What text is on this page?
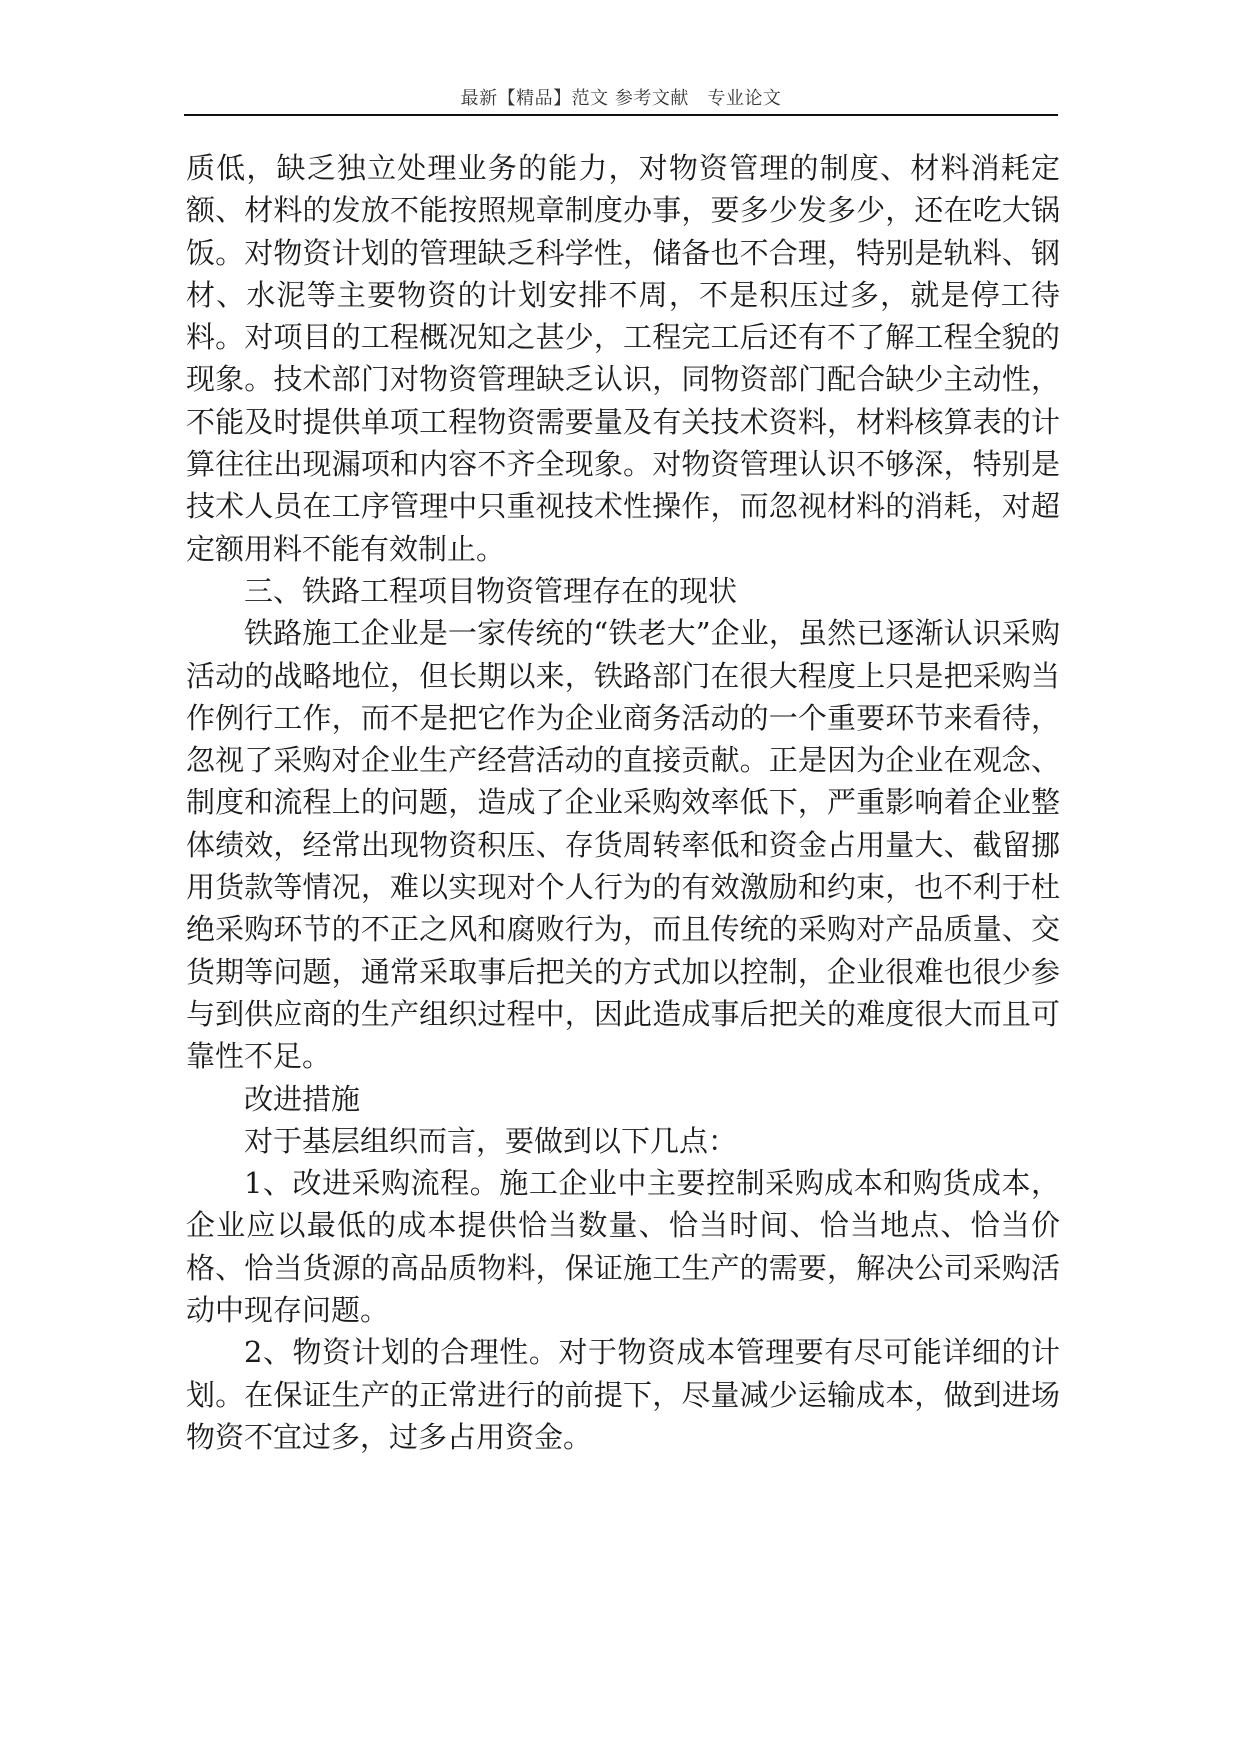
最新【精品】范文 参考文献　专业论文

质低，缺乏独立处理业务的能力，对物资管理的制度、材料消耗定额、材料的发放不能按照规章制度办事，要多少发多少，还在吃大锅饭。对物资计划的管理缺乏科学性，储备也不合理，特别是轨料、钢材、水泥等主要物资的计划安排不周，不是积压过多，就是停工待料。对项目的工程概况知之甚少，工程完工后还有不了解工程全貌的现象。技术部门对物资管理缺乏认识，同物资部门配合缺少主动性，不能及时提供单项工程物资需要量及有关技术资料，材料核算表的计算往往出现漏项和内容不齐全现象。对物资管理认识不够深，特别是技术人员在工序管理中只重视技术性操作，而忽视材料的消耗，对超定额用料不能有效制止。

三、铁路工程项目物资管理存在的现状

铁路施工企业是一家传统的“铁老大”企业，虽然已逐渐认识采购活动的战略地位，但长期以来，铁路部门在很大程度上只是把采购当作例行工作，而不是把它作为企业商务活动的一个重要环节来看待，忽视了采购对企业生产经营活动的直接贡献。正是因为企业在观念、制度和流程上的问题，造成了企业采购效率低下，严重影响着企业整体绩效，经常出现物资积压、存货周转率低和资金占用量大、截留挪用货款等情况，难以实现对个人行为的有效激励和约束，也不利于杜绝采购环节的不正之风和腐败行为，而且传统的采购对产品质量、交货期等问题，通常采取事后把关的方式加以控制，企业很难也很少参与到供应商的生产组织过程中，因此造成事后把关的难度很大而且可靠性不足。

改进措施

对于基层组织而言，要做到以下几点：

1、改进采购流程。施工企业中主要控制采购成本和购货成本，企业应以最低的成本提供恰当数量、恰当时间、恰当地点、恰当价格、恰当货源的高品质物料，保证施工生产的需要，解决公司采购活动中现存问题。

2、物资计划的合理性。对于物资成本管理要有尽可能详细的计划。在保证生产的正常进行的前提下，尽量减少运输成本，做到进场物资不宜过多，过多占用资金。
